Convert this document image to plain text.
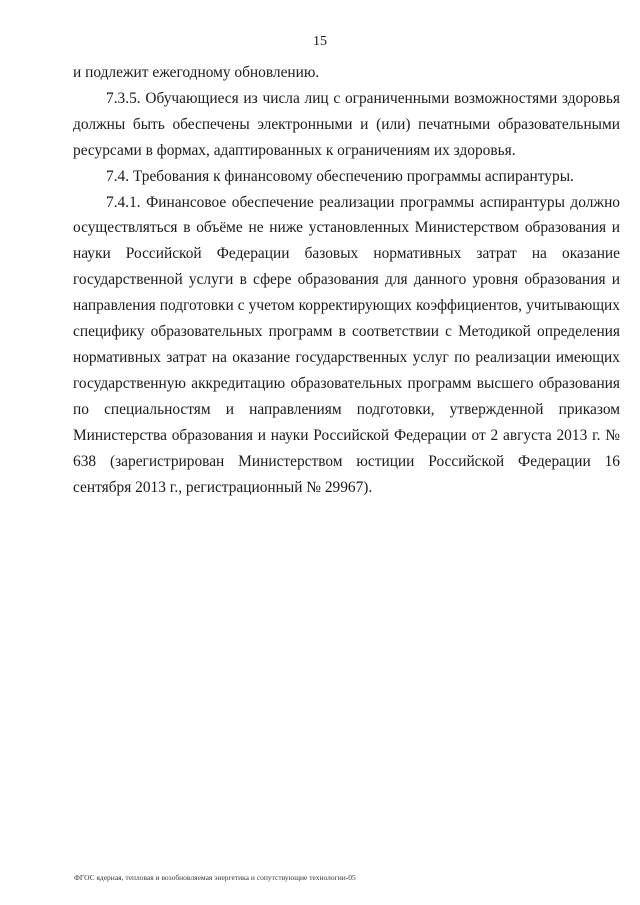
15

и подлежит ежегодному обновлению.

7.3.5. Обучающиеся из числа лиц с ограниченными возможностями здоровья должны быть обеспечены электронными и (или) печатными образовательными ресурсами в формах, адаптированных к ограничениям их здоровья.

7.4. Требования к финансовому обеспечению программы аспирантуры.

7.4.1. Финансовое обеспечение реализации программы аспирантуры должно осуществляться в объёме не ниже установленных Министерством образования и науки Российской Федерации базовых нормативных затрат на оказание государственной услуги в сфере образования для данного уровня образования и направления подготовки с учетом корректирующих коэффициентов, учитывающих специфику образовательных программ в соответствии с Методикой определения нормативных затрат на оказание государственных услуг по реализации имеющих государственную аккредитацию образовательных программ высшего образования по специальностям и направлениям подготовки, утвержденной приказом Министерства образования и науки Российской Федерации от 2 августа 2013 г. № 638 (зарегистрирован Министерством юстиции Российской Федерации 16 сентября 2013 г., регистрационный № 29967).

ФГОС ядерная, тепловая и возобновляемая энергетика и сопутствующие технологии-05
